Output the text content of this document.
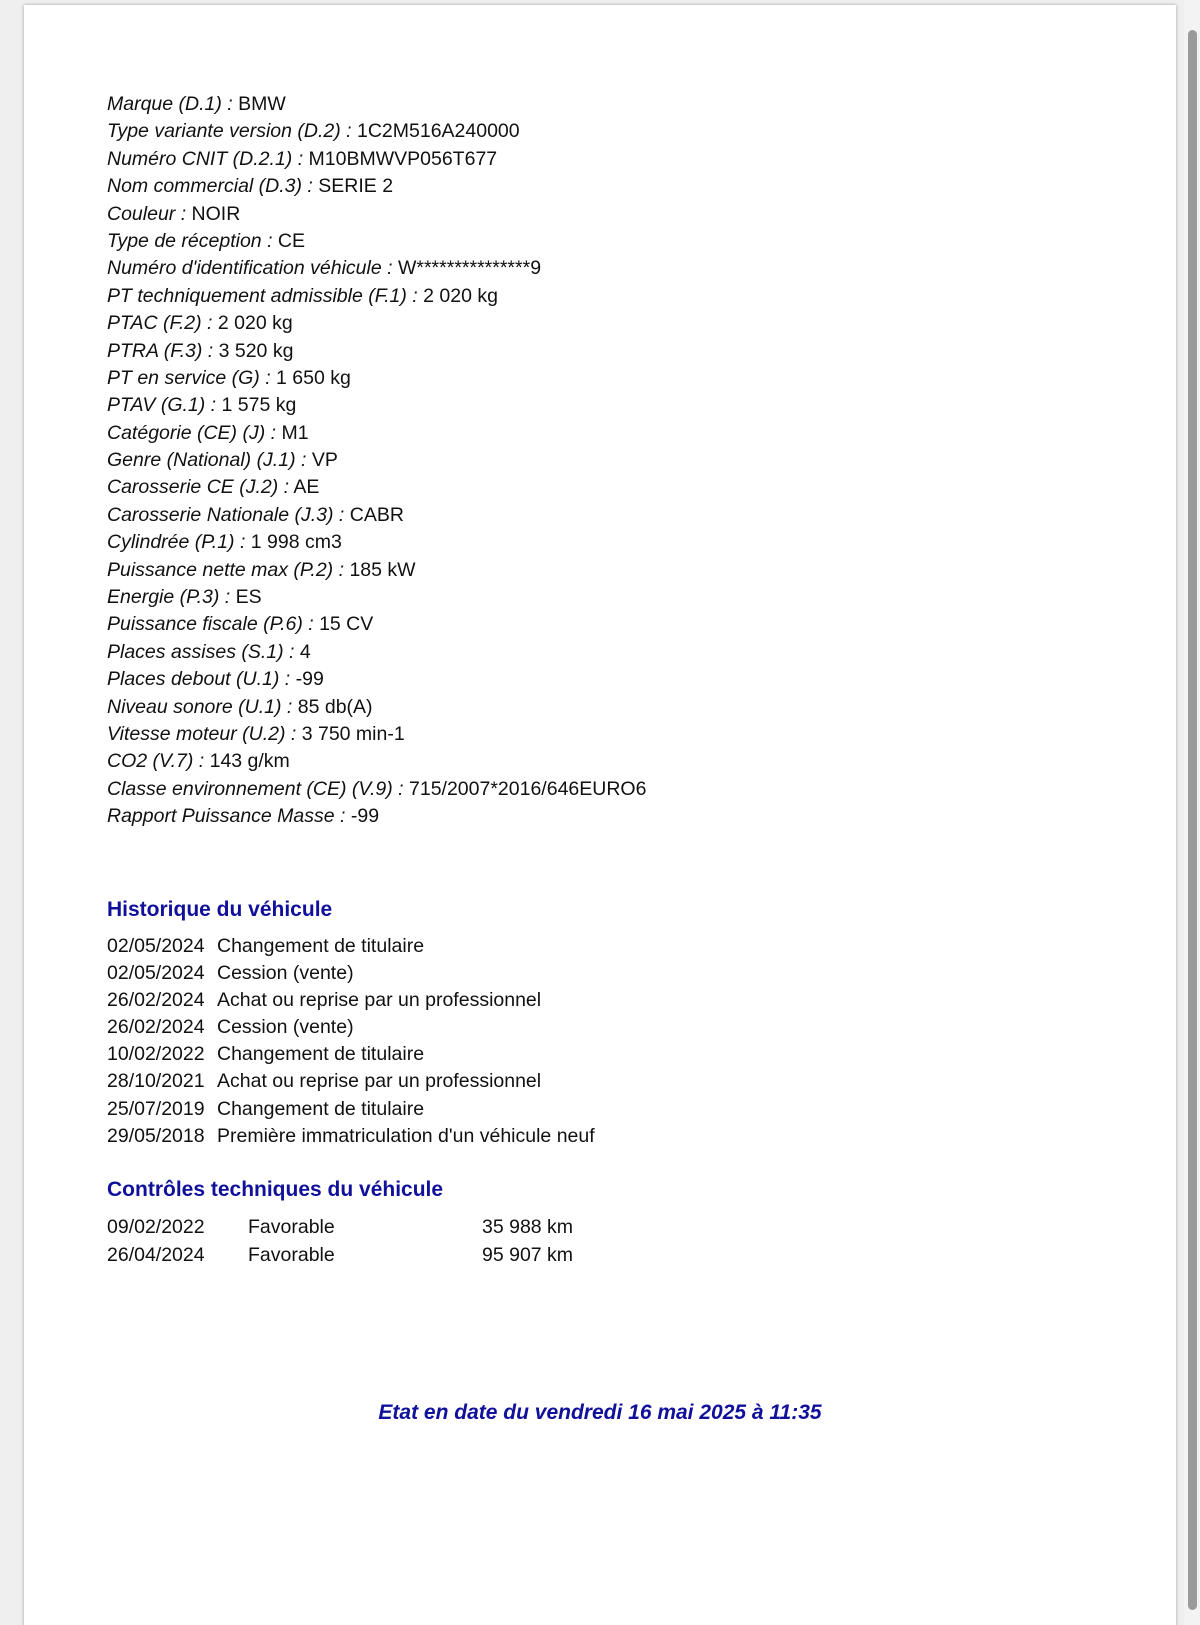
Marque (D.1) : BMW
Type variante version (D.2) : 1C2M516A240000
Numéro CNIT (D.2.1) : M10BMWVP056T677
Nom commercial (D.3) : SERIE 2
Couleur : NOIR
Type de réception : CE
Numéro d'identification véhicule : W***************9
PT techniquement admissible (F.1) : 2 020 kg
PTAC (F.2) : 2 020 kg
PTRA (F.3) : 3 520 kg
PT en service (G) : 1 650 kg
PTAV (G.1) : 1 575 kg
Catégorie (CE) (J) : M1
Genre (National) (J.1) : VP
Carosserie CE (J.2) : AE
Carosserie Nationale (J.3) : CABR
Cylindrée (P.1) : 1 998 cm3
Puissance nette max (P.2) : 185 kW
Energie (P.3) : ES
Puissance fiscale (P.6) : 15 CV
Places assises (S.1) : 4
Places debout (U.1) : -99
Niveau sonore (U.1) : 85 db(A)
Vitesse moteur (U.2) : 3 750 min-1
CO2 (V.7) : 143 g/km
Classe environnement (CE) (V.9) : 715/2007*2016/646EURO6
Rapport Puissance Masse : -99
Historique du véhicule
02/05/2024 Changement de titulaire
02/05/2024 Cession (vente)
26/02/2024 Achat ou reprise par un professionnel
26/02/2024 Cession (vente)
10/02/2022 Changement de titulaire
28/10/2021 Achat ou reprise par un professionnel
25/07/2019 Changement de titulaire
29/05/2018 Première immatriculation d'un véhicule neuf
Contrôles techniques du véhicule
09/02/2022	Favorable	35 988 km
26/04/2024	Favorable	95 907 km
Etat en date du vendredi 16 mai 2025 à 11:35
